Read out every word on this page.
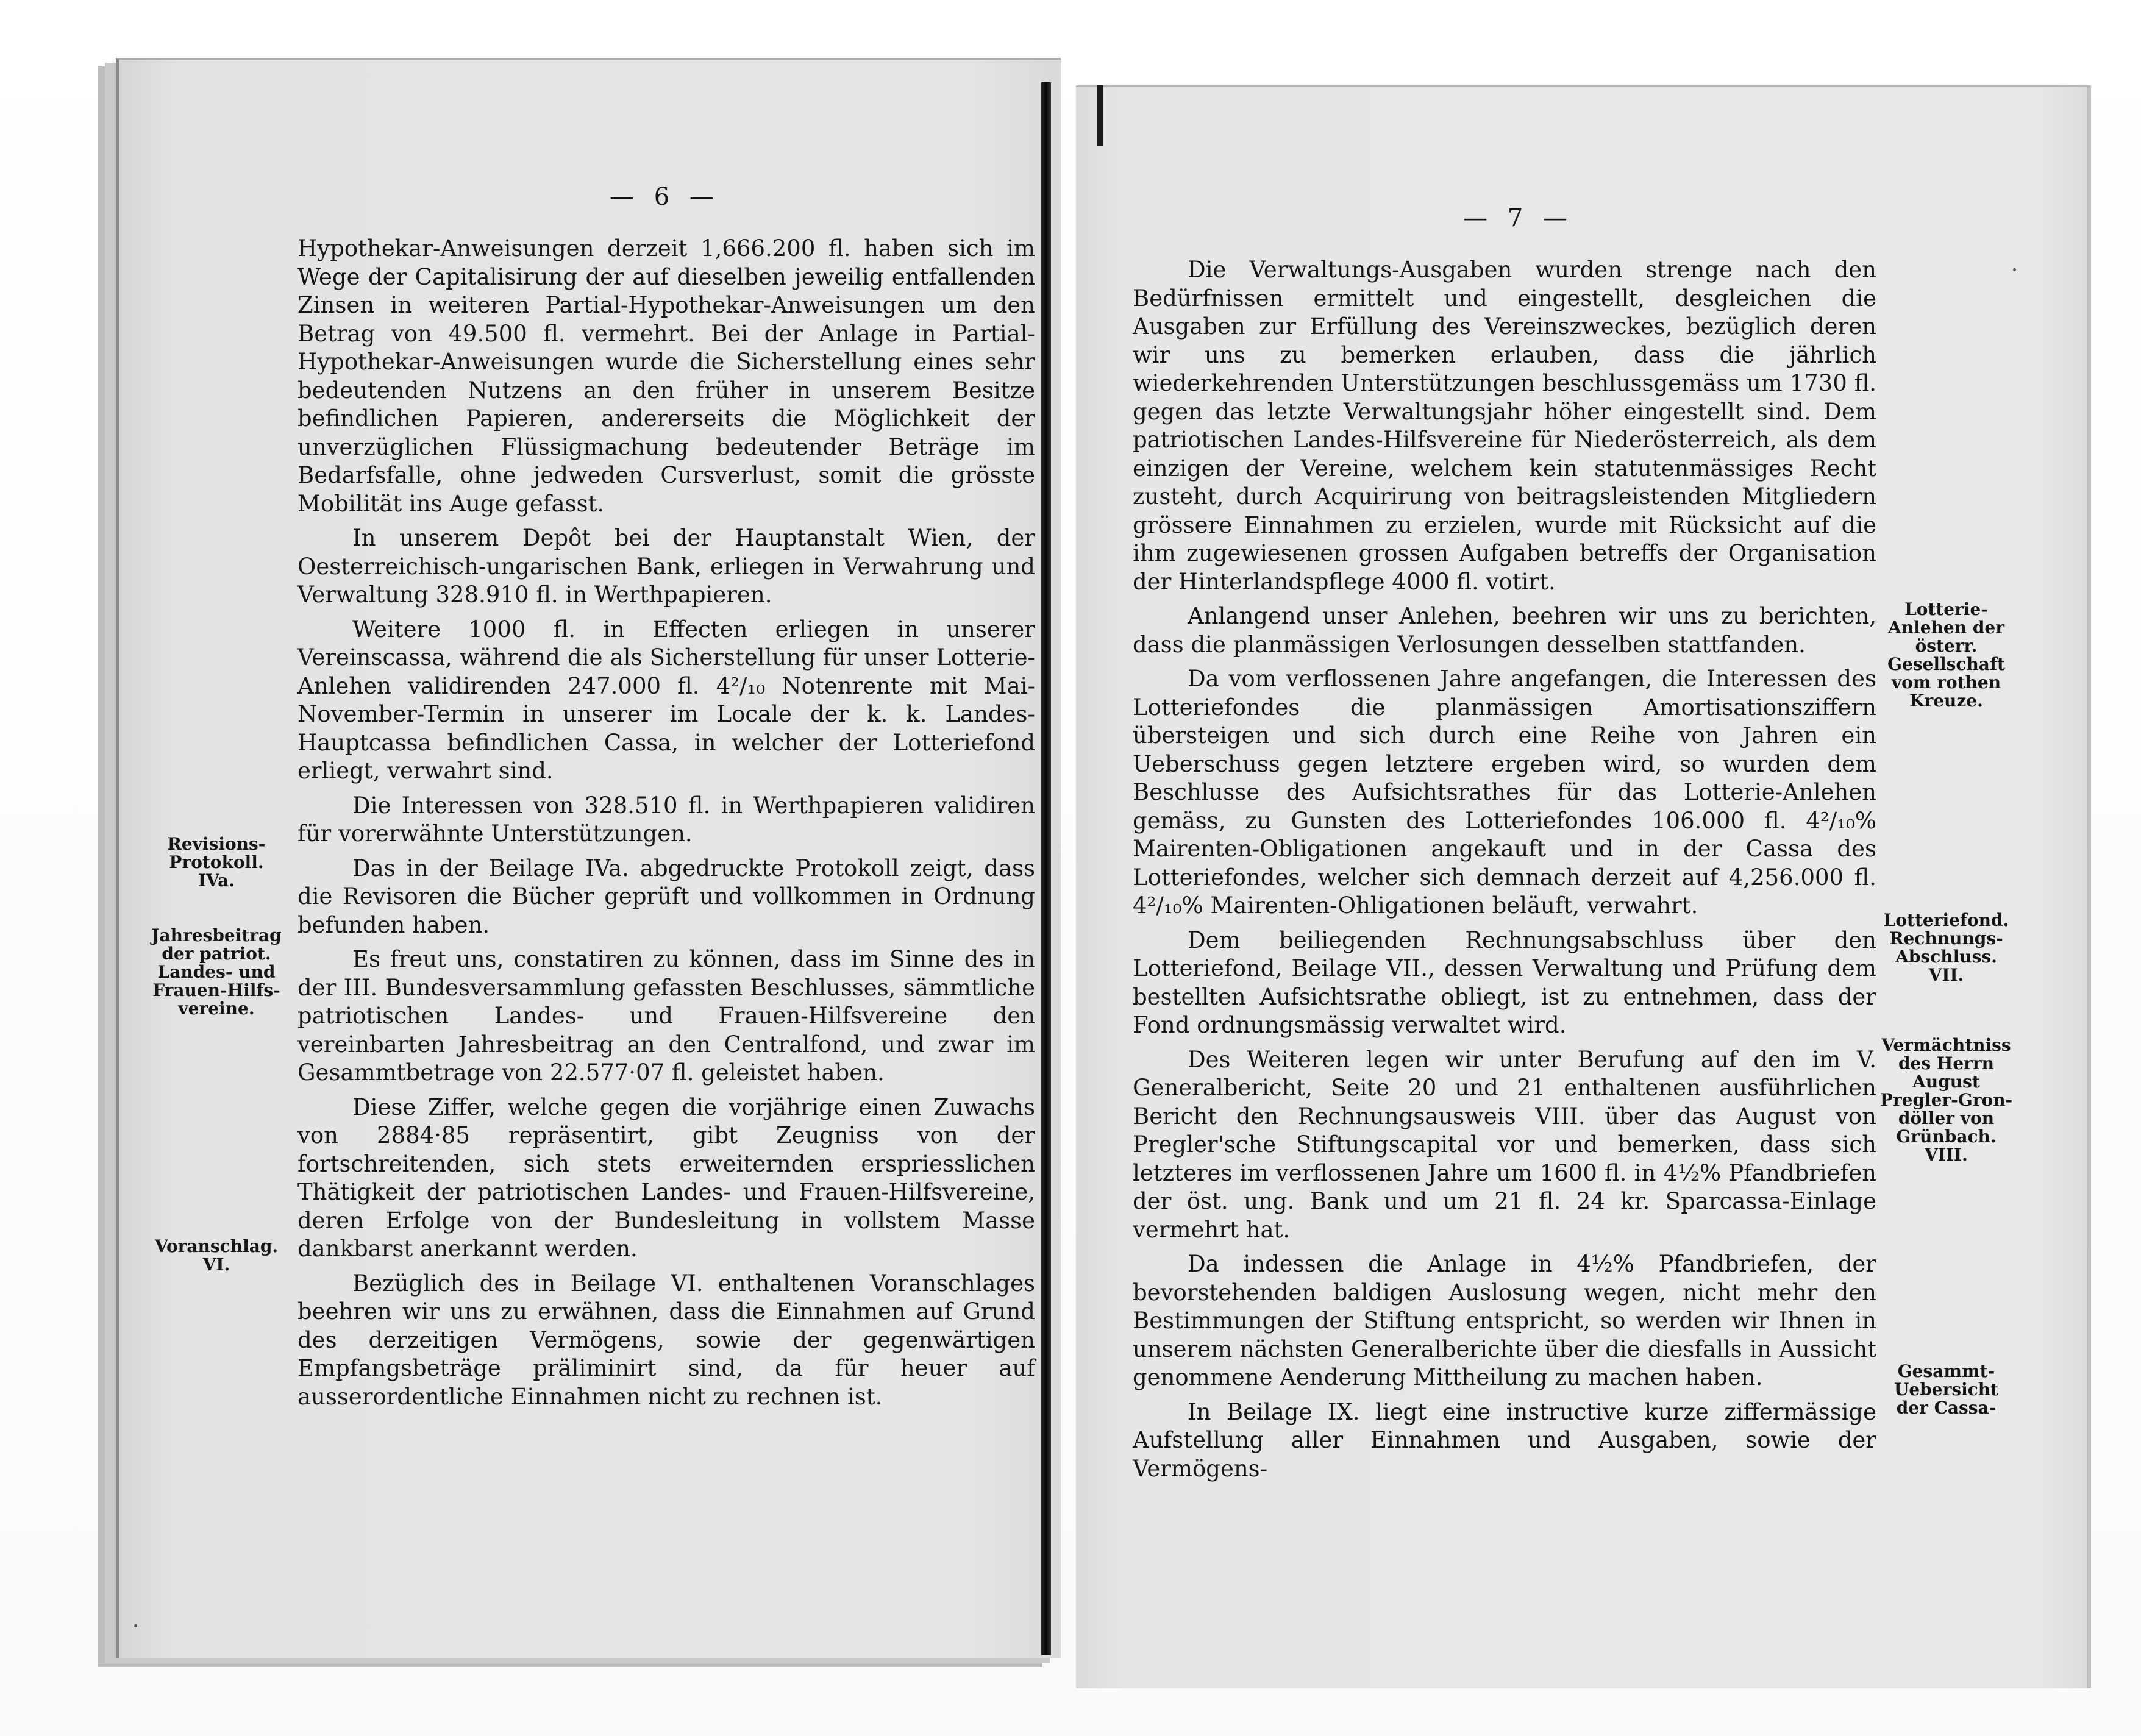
— 6 —

Hypothekar-Anweisungen derzeit 1,666.200 fl. haben sich im Wege der Capitalisirung der auf dieselben jeweilig entfallenden Zinsen in weiteren Partial-Hypothekar-Anweisungen um den Betrag von 49.500 fl. vermehrt. Bei der Anlage in Partial-Hypothekar-Anweisungen wurde die Sicherstellung eines sehr bedeutenden Nutzens an den früher in unserem Besitze befindlichen Papieren, andererseits die Möglichkeit der unverzüglichen Flüssigmachung bedeutender Beträge im Bedarfsfalle, ohne jedweden Cursverlust, somit die grösste Mobilität ins Auge gefasst.

In unserem Depôt bei der Hauptanstalt Wien, der Oesterreichisch-ungarischen Bank, erliegen in Verwahrung und Verwaltung 328.910 fl. in Werthpapieren.

Weitere 1000 fl. in Effecten erliegen in unserer Vereinscassa, während die als Sicherstellung für unser Lotterie-Anlehen validirenden 247.000 fl. 4²/₁₀ Notenrente mit Mai-November-Termin in unserer im Locale der k. k. Landes-Hauptcassa befindlichen Cassa, in welcher der Lotteriefond erliegt, verwahrt sind.

Die Interessen von 328.510 fl. in Werthpapieren validiren für vorerwähnte Unterstützungen.

Das in der Beilage IVa. abgedruckte Protokoll zeigt, dass die Revisoren die Bücher geprüft und vollkommen in Ordnung befunden haben.

Es freut uns, constatiren zu können, dass im Sinne des in der III. Bundesversammlung gefassten Beschlusses, sämmtliche patriotischen Landes- und Frauen-Hilfsvereine den vereinbarten Jahresbeitrag an den Centralfond, und zwar im Gesammtbetrage von 22.577·07 fl. geleistet haben.

Diese Ziffer, welche gegen die vorjährige einen Zuwachs von 2884·85 repräsentirt, gibt Zeugniss von der fortschreitenden, sich stets erweiternden erspriesslichen Thätigkeit der patriotischen Landes- und Frauen-Hilfsvereine, deren Erfolge von der Bundesleitung in vollstem Masse dankbarst anerkannt werden.

Bezüglich des in Beilage VI. enthaltenen Voranschlages beehren wir uns zu erwähnen, dass die Einnahmen auf Grund des derzeitigen Vermögens, sowie der gegenwärtigen Empfangsbeträge präliminirt sind, da für heuer auf ausserordentliche Einnahmen nicht zu rechnen ist.

Revisions-
Protokoll.
IVa.
Jahresbeitrag
der patriot.
Landes- und
Frauen-Hilfs-
vereine.
Voranschlag.
VI.
— 7 —

Die Verwaltungs-Ausgaben wurden strenge nach den Bedürfnissen ermittelt und eingestellt, desgleichen die Ausgaben zur Erfüllung des Vereinszweckes, bezüglich deren wir uns zu bemerken erlauben, dass die jährlich wiederkehrenden Unterstützungen beschlussgemäss um 1730 fl. gegen das letzte Verwaltungsjahr höher eingestellt sind. Dem patriotischen Landes-Hilfsvereine für Niederösterreich, als dem einzigen der Vereine, welchem kein statutenmässiges Recht zusteht, durch Acquirirung von beitragsleistenden Mitgliedern grössere Einnahmen zu erzielen, wurde mit Rücksicht auf die ihm zugewiesenen grossen Aufgaben betreffs der Organisation der Hinterlandspflege 4000 fl. votirt.

Anlangend unser Anlehen, beehren wir uns zu berichten, dass die planmässigen Verlosungen desselben stattfanden.

Da vom verflossenen Jahre angefangen, die Interessen des Lotteriefondes die planmässigen Amortisationsziffern übersteigen und sich durch eine Reihe von Jahren ein Ueberschuss gegen letztere ergeben wird, so wurden dem Beschlusse des Aufsichtsrathes für das Lotterie-Anlehen gemäss, zu Gunsten des Lotteriefondes 106.000 fl. 4²/₁₀% Mairenten-Obligationen angekauft und in der Cassa des Lotteriefondes, welcher sich demnach derzeit auf 4,256.000 fl. 4²/₁₀% Mairenten-Ohligationen beläuft, verwahrt.

Dem beiliegenden Rechnungsabschluss über den Lotteriefond, Beilage VII., dessen Verwaltung und Prüfung dem bestellten Aufsichtsrathe obliegt, ist zu entnehmen, dass der Fond ordnungsmässig verwaltet wird.

Des Weiteren legen wir unter Berufung auf den im V. Generalbericht, Seite 20 und 21 enthaltenen ausführlichen Bericht den Rechnungsausweis VIII. über das August von Pregler'sche Stiftungscapital vor und bemerken, dass sich letzteres im verflossenen Jahre um 1600 fl. in 4½% Pfandbriefen der öst. ung. Bank und um 21 fl. 24 kr. Sparcassa-Einlage vermehrt hat.

Da indessen die Anlage in 4½% Pfandbriefen, der bevorstehenden baldigen Auslosung wegen, nicht mehr den Bestimmungen der Stiftung entspricht, so werden wir Ihnen in unserem nächsten Generalberichte über die diesfalls in Aussicht genommene Aenderung Mittheilung zu machen haben.

In Beilage IX. liegt eine instructive kurze ziffermässige Aufstellung aller Einnahmen und Ausgaben, sowie der Vermögens-

Lotterie-
Anlehen der
österr.
Gesellschaft
vom rothen
Kreuze.
Lotteriefond.
Rechnungs-
Abschluss.
VII.
Vermächtniss
des Herrn
August
Pregler-Gron-
döller von
Grünbach.
VIII.
Gesammt-
Uebersicht
der Cassa-
